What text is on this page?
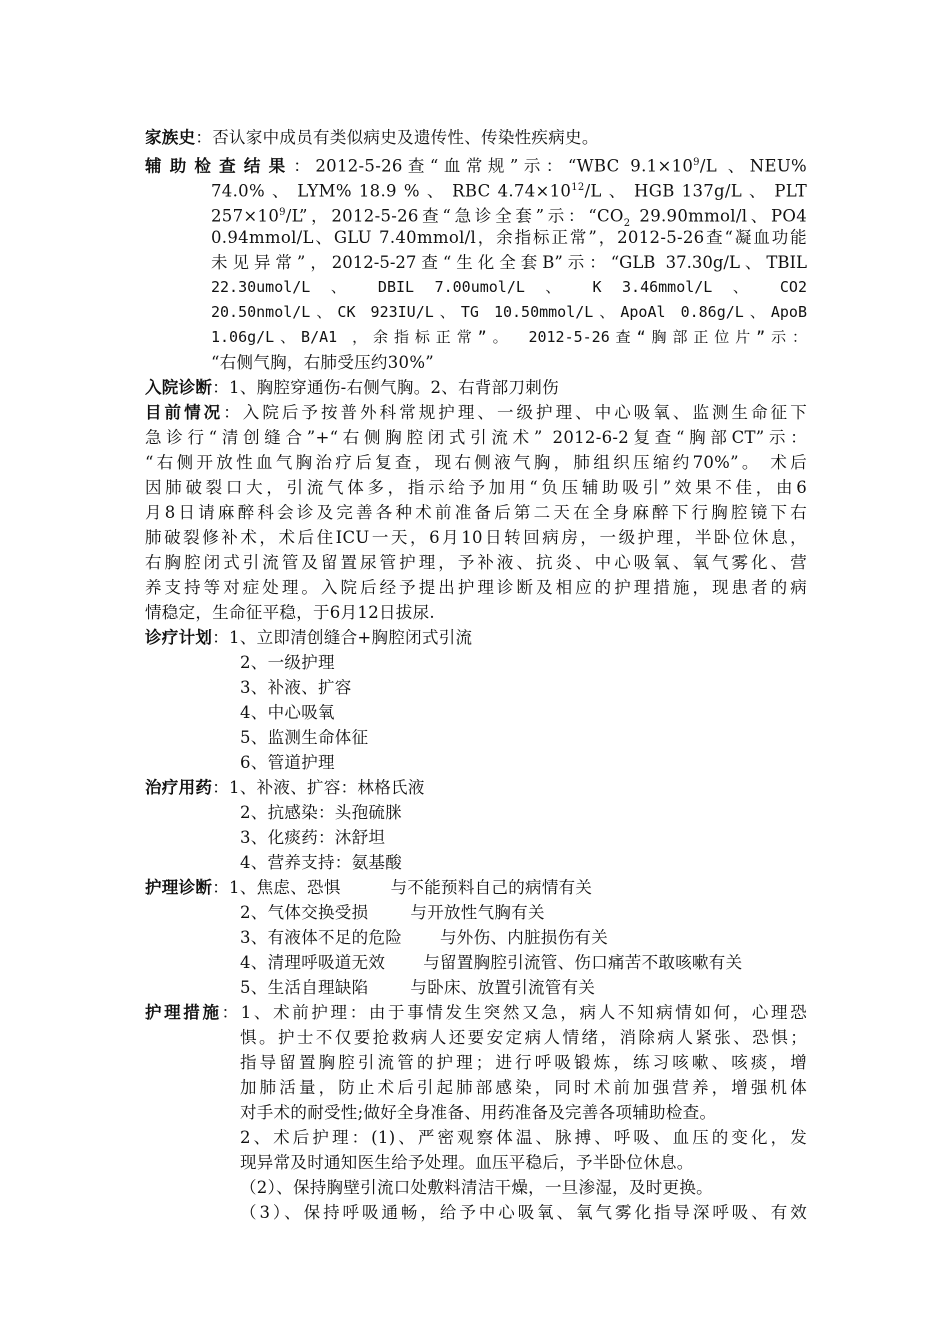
家族史：否认家中成员有类似病史及遗传性、传染性疾病史。
辅助检查结果：2012-5-26查“血常规”示：“WBC $9.1\times 10^9/L$ 、NEU%
74.0% 、 LYM% 18.9 % 、 RBC $4.74\times 10^{12}/L$ 、 HGB 137g/L 、 PLT
$257\times 10^9/L$”，2012-5-26查“急诊全套”示：“$CO_2$ 29.90mmol/l、PO4
0.94mmol/L、GLU 7.40mmol/l，余指标正常”，2012-5-26查“凝血功能
未见异常”，2012-5-27查“生化全套B”示：“GLB 37.30g/L、TBIL
22.30umol/L 、 DBIL 7.00umol/L 、 K 3.46mmol/L 、 CO2
20.50nmol/L、CK 923IU/L、TG 10.50mmol/L、ApoAl 0.86g/L、ApoB
1.06g/L、B/A1 ，余指标正常”。 2012-5-26查“胸部正位片”示：
“右侧气胸，右肺受压约30%”
入院诊断：1、胸腔穿通伤-右侧气胸。2、右背部刀刺伤
目前情况：入院后予按普外科常规护理、一级护理、中心吸氧、监测生命征下
急诊行“清创缝合”+“右侧胸腔闭式引流术” 2012-6-2复查“胸部CT”示：
“右侧开放性血气胸治疗后复查，现右侧液气胸，肺组织压缩约70%”。 术后
因肺破裂口大，引流气体多，指示给予加用“负压辅助吸引”效果不佳，由6
月8日请麻醉科会诊及完善各种术前准备后第二天在全身麻醉下行胸腔镜下右
肺破裂修补术，术后住ICU一天，6月10日转回病房，一级护理，半卧位休息，
右胸腔闭式引流管及留置尿管护理，予补液、抗炎、中心吸氧、氧气雾化、营
养支持等对症处理。入院后经予提出护理诊断及相应的护理措施，现患者的病
情稳定，生命征平稳，于6月12日拔尿.
诊疗计划：1、立即清创缝合+胸腔闭式引流
2、一级护理
3、补液、扩容
4、中心吸氧
5、监测生命体征
6、管道护理
治疗用药：1、补液、扩容：林格氏液
2、抗感染：头孢硫脒
3、化痰药：沐舒坦
4、营养支持：氨基酸
护理诊断：1、焦虑、恐惧	与不能预料自己的病情有关
2、气体交换受损	与开放性气胸有关
3、有液体不足的危险 与外伤、内脏损伤有关
4、清理呼吸道无效 与留置胸腔引流管、伤口痛苦不敢咳嗽有关
5、生活自理缺陷	与卧床、放置引流管有关
护理措施：1、术前护理：由于事情发生突然又急，病人不知病情如何，心理恐
惧。护士不仅要抢救病人还要安定病人情绪，消除病人紧张、恐惧；
指导留置胸腔引流管的护理；进行呼吸锻炼，练习咳嗽、咳痰，增
加肺活量，防止术后引起肺部感染，同时术前加强营养，增强机体
对手术的耐受性;做好全身准备、用药准备及完善各项辅助检查。
2、术后护理：(1)、严密观察体温、脉搏、呼吸、血压的变化，发
现异常及时通知医生给予处理。血压平稳后，予半卧位休息。
（2）、保持胸壁引流口处敷料清洁干燥，一旦渗湿，及时更换。
（3）、保持呼吸通畅，给予中心吸氧、氧气雾化指导深呼吸、有效
